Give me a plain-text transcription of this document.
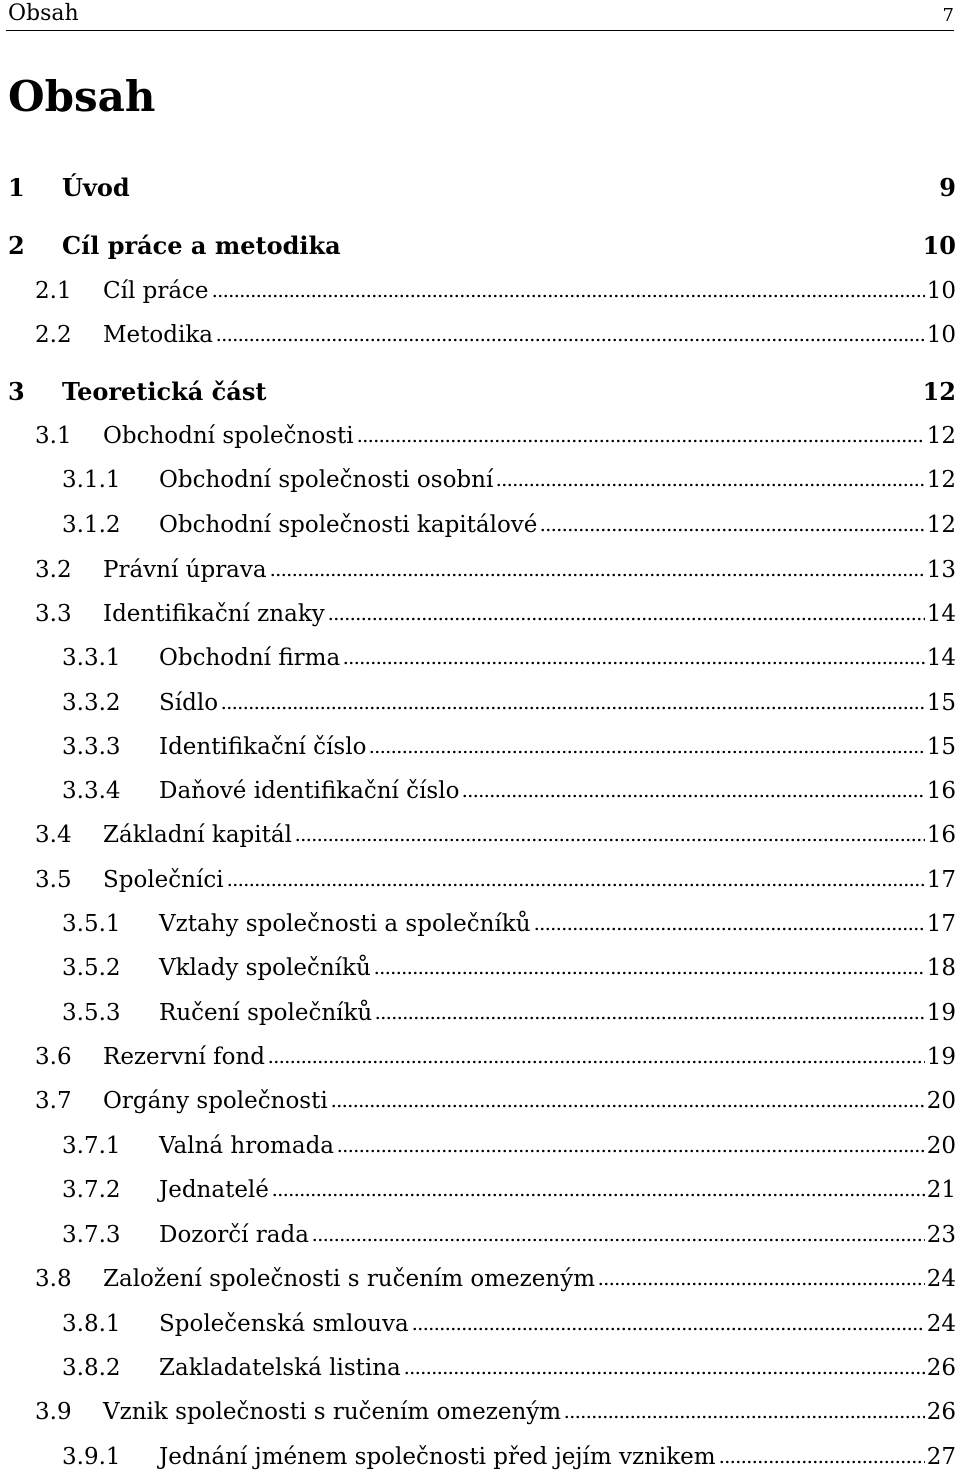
Obsah	7
Obsah
1 Úvod	9
2 Cíl práce a metodika	10
2.1 Cíl práce	10
2.2 Metodika	10
3 Teoretická část	12
3.1 Obchodní společnosti	12
3.1.1 Obchodní společnosti osobní	12
3.1.2 Obchodní společnosti kapitálové	12
3.2 Právní úprava	13
3.3 Identifikační znaky	14
3.3.1 Obchodní firma	14
3.3.2 Sídlo	15
3.3.3 Identifikační číslo	15
3.3.4 Daňové identifikační číslo	16
3.4 Základní kapitál	16
3.5 Společníci	17
3.5.1 Vztahy společnosti a společníků	17
3.5.2 Vklady společníků	18
3.5.3 Ručení společníků	19
3.6 Rezervní fond	19
3.7 Orgány společnosti	20
3.7.1 Valná hromada	20
3.7.2 Jednatelé	21
3.7.3 Dozorčí rada	23
3.8 Založení společnosti s ručením omezeným	24
3.8.1 Společenská smlouva	24
3.8.2 Zakladatelská listina	26
3.9 Vznik společnosti s ručením omezeným	26
3.9.1 Jednání jménem společnosti před jejím vznikem	27
